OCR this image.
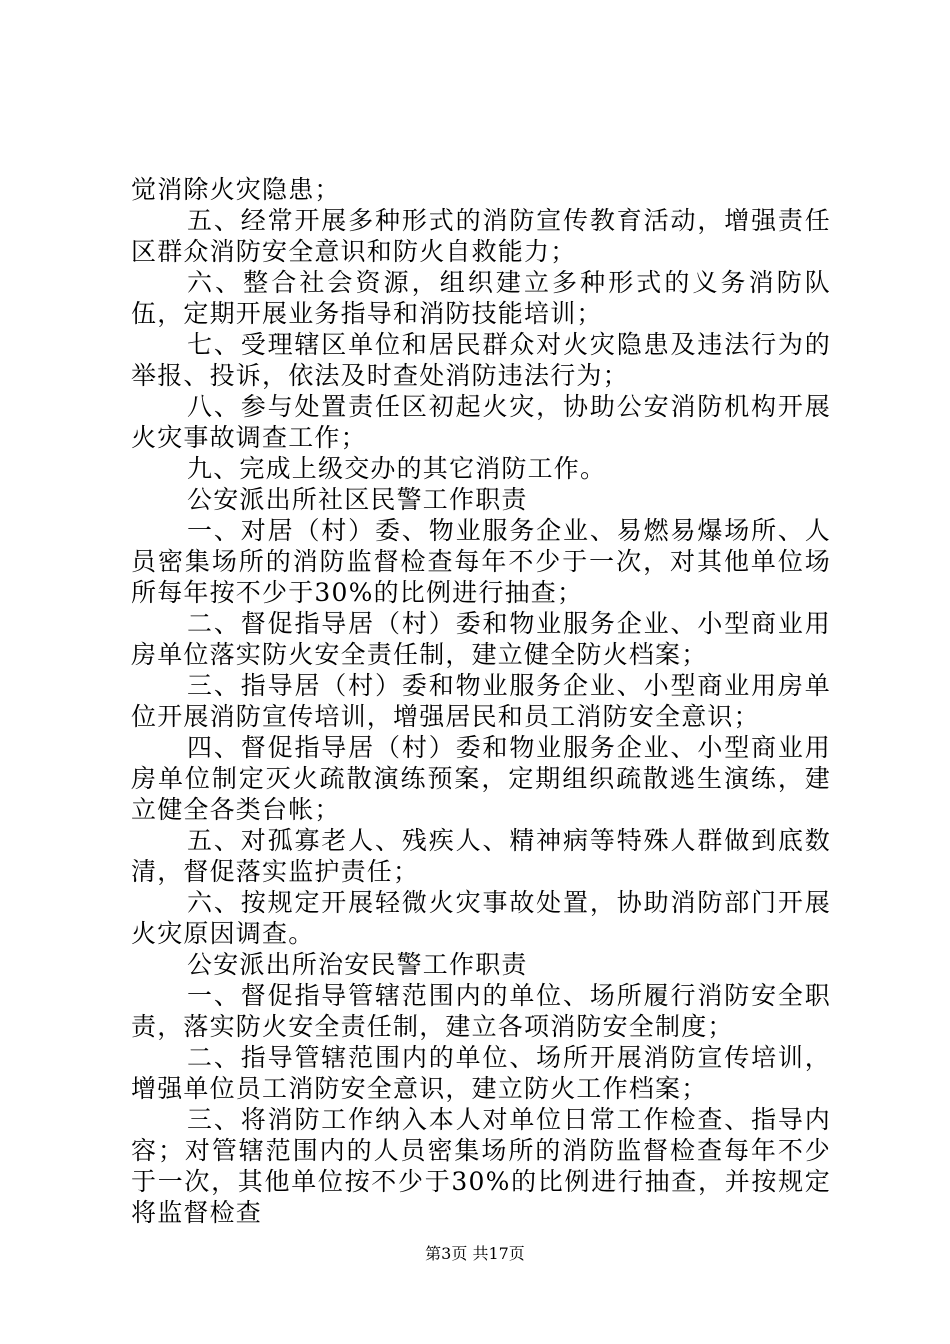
觉消除火灾隐患；

五、经常开展多种形式的消防宣传教育活动，增强责任区群众消防安全意识和防火自救能力；

六、整合社会资源，组织建立多种形式的义务消防队伍，定期开展业务指导和消防技能培训；

七、受理辖区单位和居民群众对火灾隐患及违法行为的举报、投诉，依法及时查处消防违法行为；

八、参与处置责任区初起火灾，协助公安消防机构开展火灾事故调查工作；

九、完成上级交办的其它消防工作。

公安派出所社区民警工作职责

一、对居（村）委、物业服务企业、易燃易爆场所、人员密集场所的消防监督检查每年不少于一次，对其他单位场所每年按不少于30%的比例进行抽查；

二、督促指导居（村）委和物业服务企业、小型商业用房单位落实防火安全责任制，建立健全防火档案；

三、指导居（村）委和物业服务企业、小型商业用房单位开展消防宣传培训，增强居民和员工消防安全意识；

四、督促指导居（村）委和物业服务企业、小型商业用房单位制定灭火疏散演练预案，定期组织疏散逃生演练，建立健全各类台帐；

五、对孤寡老人、残疾人、精神病等特殊人群做到底数清，督促落实监护责任；

六、按规定开展轻微火灾事故处置，协助消防部门开展火灾原因调查。

公安派出所治安民警工作职责

一、督促指导管辖范围内的单位、场所履行消防安全职责，落实防火安全责任制，建立各项消防安全制度；

二、指导管辖范围内的单位、场所开展消防宣传培训，增强单位员工消防安全意识，建立防火工作档案；

三、将消防工作纳入本人对单位日常工作检查、指导内容；对管辖范围内的人员密集场所的消防监督检查每年不少于一次，其他单位按不少于30%的比例进行抽查，并按规定将监督检查

第3页 共17页
